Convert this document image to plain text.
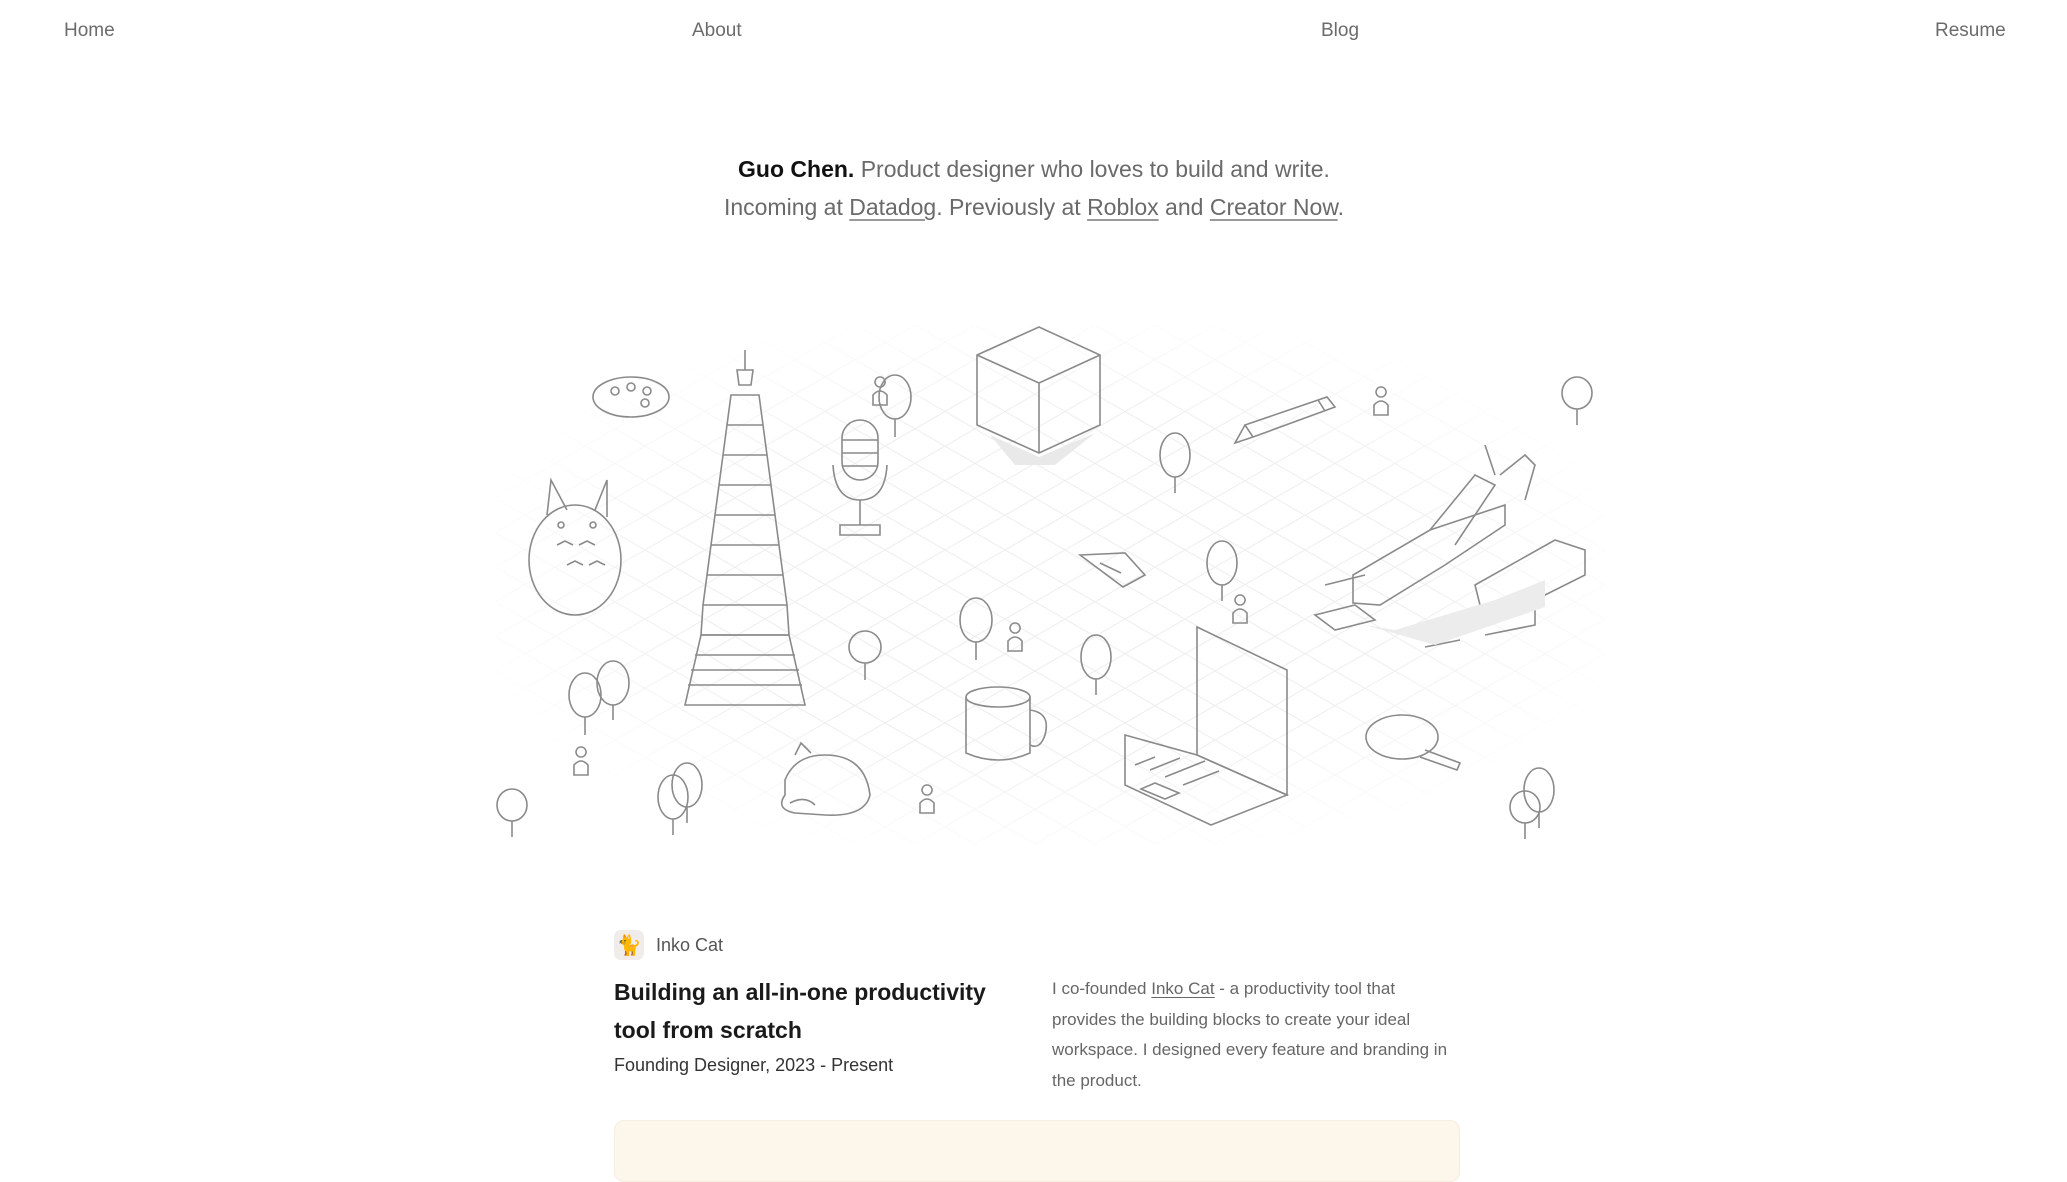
Home	About	Blog	Resume
Guo Chen. Product designer who loves to build and write. Incoming at Datadog. Previously at Roblox and Creator Now.
🐈 Inko Cat
Building an all-in-one productivity tool from scratch
Founding Designer, 2023 - Present
I co-founded Inko Cat - a productivity tool that provides the building blocks to create your ideal workspace. I designed every feature and branding in the product.
